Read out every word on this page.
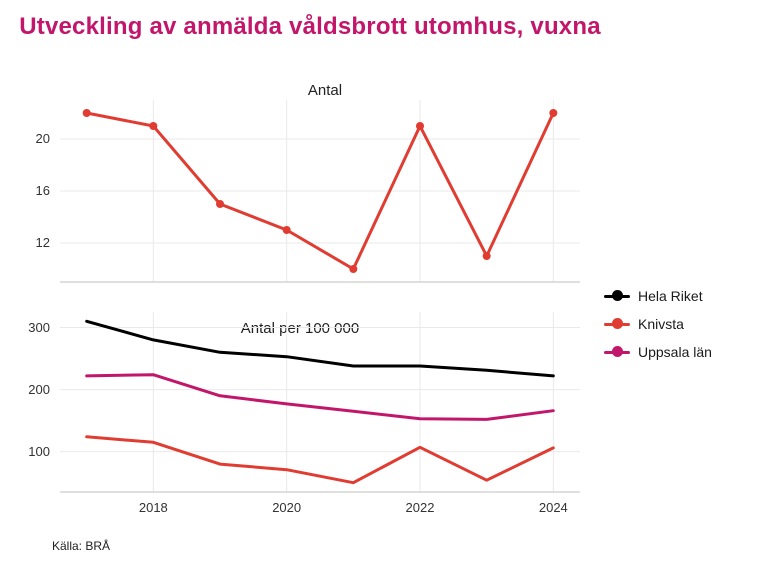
Utveckling av anmälda våldsbrott utomhus, vuxna
Antal
Antal per 100 000
Hela Riket
Knivsta
Uppsala län
Källa: BRÅ
12
16
20
100
200
300
2018	2020	2022	2024
